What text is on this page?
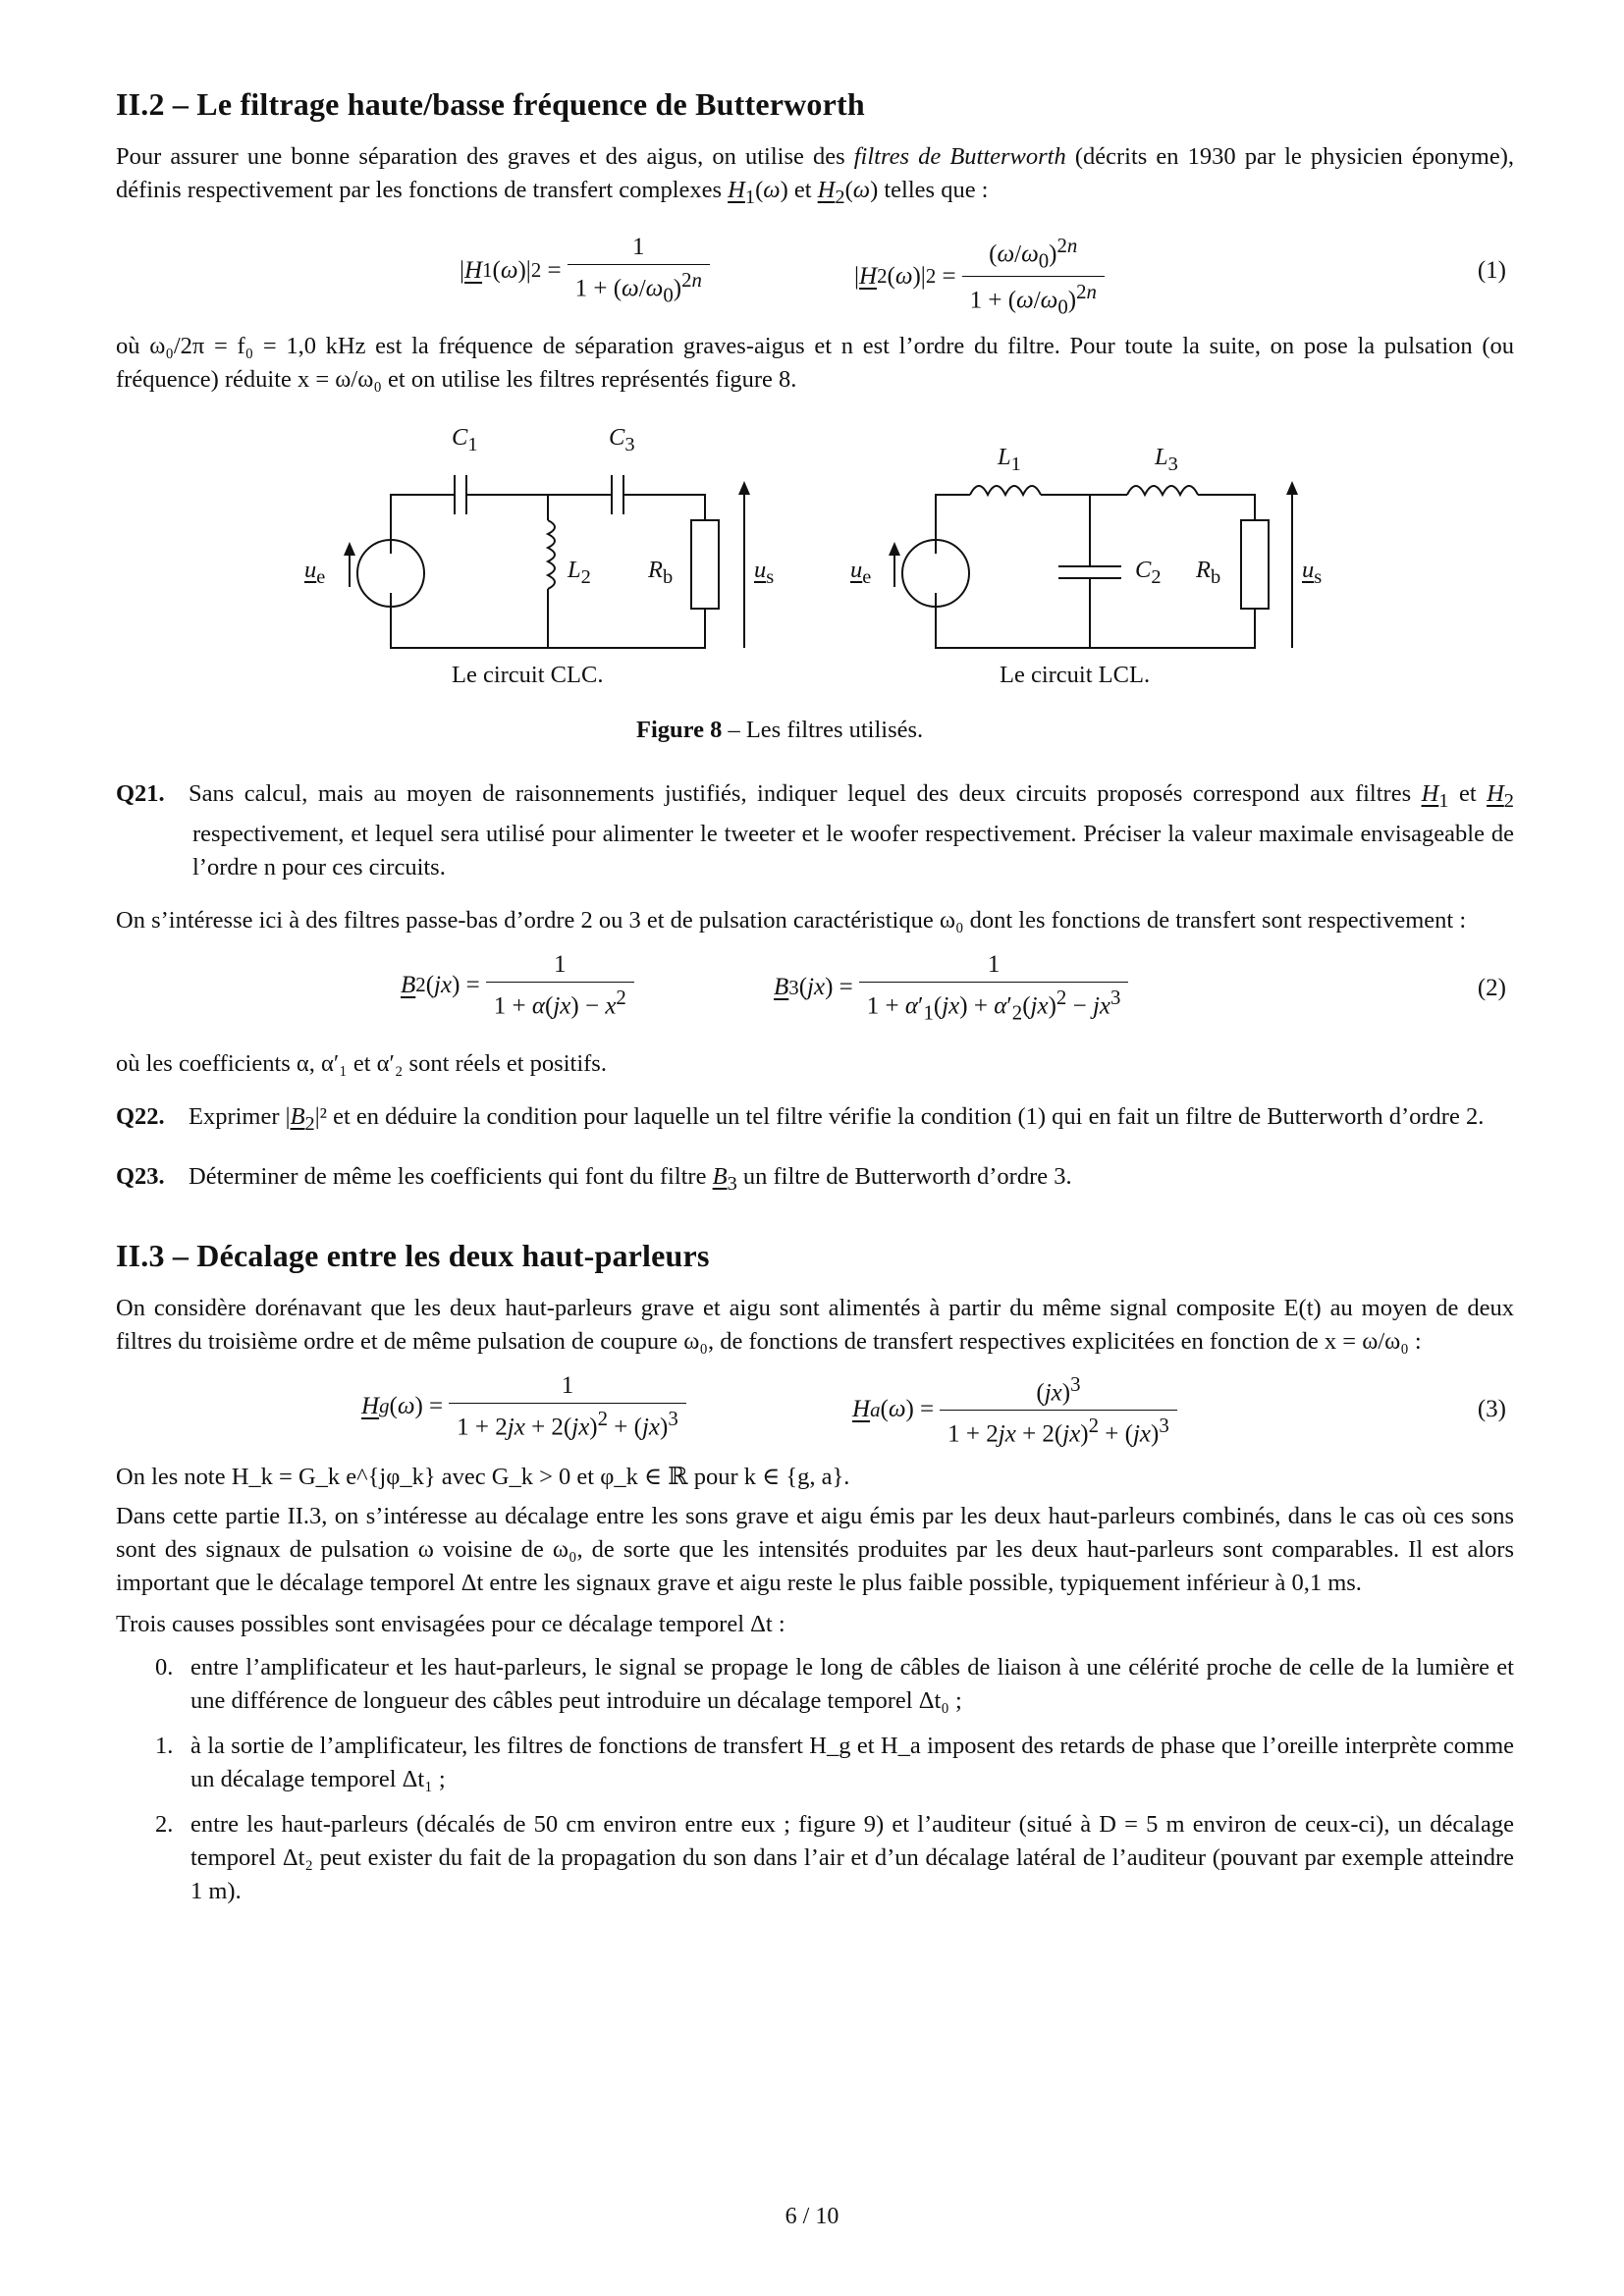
II.2 – Le filtrage haute/basse fréquence de Butterworth

Pour assurer une bonne séparation des graves et des aigus, on utilise des filtres de Butterworth (décrits en 1930 par le physicien éponyme), définis respectivement par les fonctions de transfert complexes $H_1(\omega)$ et $H_2(\omega)$ telles que :

| H 1 ( ω )| $2 = \frac{1}{1 + (\omega/\omega_0)^{2n}}$	| H 2 ( ω )| $2 = \frac{(\omega/\omega_0)^{2n}}{1 + (\omega/\omega_0)^{2n}}$	(1)

où ω₀/2π = f₀ = 1,0 kHz est la fréquence de séparation graves-aigus et n est l’ordre du filtre. Pour toute la suite, on pose la pulsation (ou fréquence) réduite x = ω/ω₀ et on utilise les filtres représentés figure 8.

$C_1$	$C_3$
$L_2$ $R_b$
$u_e$	$u_s$
$L_1$	$L_3$
$C_2$ $R_b$
$u_e$	$u_s$
Le circuit CLC.	Le circuit LCL.
Figure 8 – Les filtres utilisés.

Q21. Sans calcul, mais au moyen de raisonnements justifiés, indiquer lequel des deux circuits proposés correspond aux filtres $H_1$ et $H_2$ respectivement, et lequel sera utilisé pour alimenter le tweeter et le woofer respectivement. Préciser la valeur maximale envisageable de l’ordre n pour ces circuits.

On s’intéresse ici à des filtres passe-bas d’ordre 2 ou 3 et de pulsation caractéristique ω₀ dont les fonctions de transfert sont respectivement :

B 2 ( jx ) = $\frac{1}{1 + \alpha(jx) - x^2}$	B 3 ( jx ) = $\frac{1}{1 + \alpha'_1(jx) + \alpha'_2(jx)^2 - jx^3}$	(2)

où les coefficients α, α′₁ et α′₂ sont réels et positifs.

Q22. Exprimer $|B_2|^2$ et en déduire la condition pour laquelle un tel filtre vérifie la condition (1) qui en fait un filtre de Butterworth d’ordre 2.

Q23. Déterminer de même les coefficients qui font du filtre $B_3$ un filtre de Butterworth d’ordre 3.

II.3 – Décalage entre les deux haut-parleurs

On considère dorénavant que les deux haut-parleurs grave et aigu sont alimentés à partir du même signal composite E(t) au moyen de deux filtres du troisième ordre et de même pulsation de coupure ω₀, de fonctions de transfert respectives explicitées en fonction de x = ω/ω₀ :

H g ( ω ) = $\frac{1}{1 + 2jx + 2(jx)^2 + (jx)^3}$	H a ( ω ) = $\frac{(jx)^3}{1 + 2jx + 2(jx)^2 + (jx)^3}$	(3)

On les note H_k = G_k e^{jφ_k} avec G_k > 0 et φ_k ∈ ℝ pour k ∈ {g, a}.

Dans cette partie II.3, on s’intéresse au décalage entre les sons grave et aigu émis par les deux haut-parleurs combinés, dans le cas où ces sons sont des signaux de pulsation ω voisine de ω₀, de sorte que les intensités produites par les deux haut-parleurs sont comparables. Il est alors important que le décalage temporel Δt entre les signaux grave et aigu reste le plus faible possible, typiquement inférieur à 0,1 ms.

Trois causes possibles sont envisagées pour ce décalage temporel Δt :

0. entre l’amplificateur et les haut-parleurs, le signal se propage le long de câbles de liaison à une célérité proche de celle de la lumière et une différence de longueur des câbles peut introduire un décalage temporel Δt₀ ;
1. à la sortie de l’amplificateur, les filtres de fonctions de transfert H_g et H_a imposent des retards de phase que l’oreille interprète comme un décalage temporel Δt₁ ;
2. entre les haut-parleurs (décalés de 50 cm environ entre eux ; figure 9) et l’auditeur (situé à D = 5 m environ de ceux-ci), un décalage temporel Δt₂ peut exister du fait de la propagation du son dans l’air et d’un décalage latéral de l’auditeur (pouvant par exemple atteindre 1 m).
6 / 10
